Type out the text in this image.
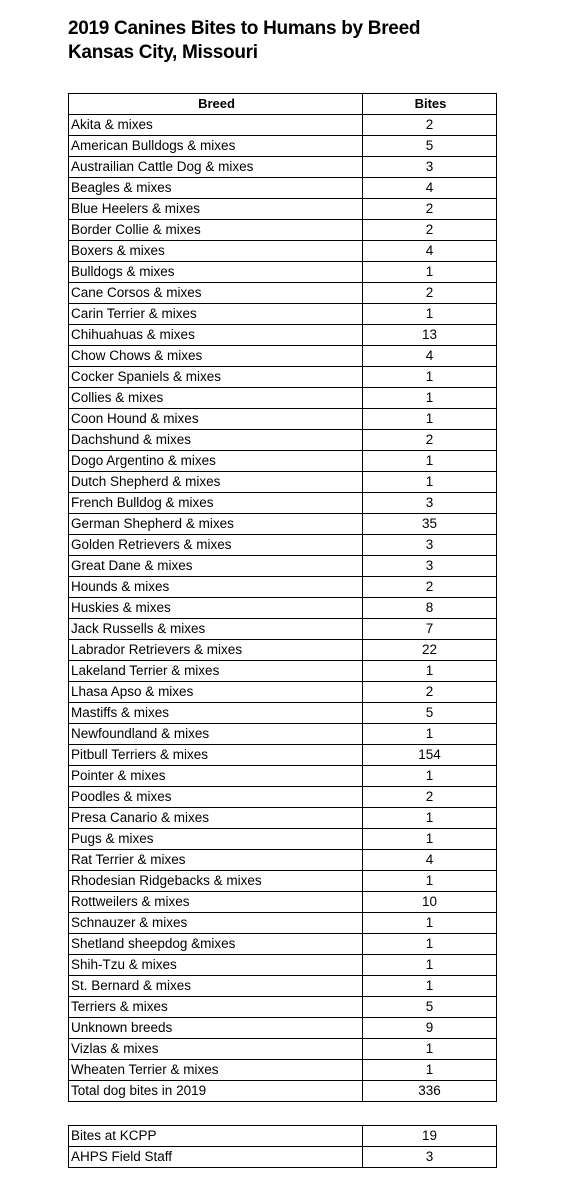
2019 Canines Bites to Humans by Breed
Kansas City, Missouri
Breed	Bites
Akita & mixes	2
American Bulldogs & mixes	5
Austrailian Cattle Dog & mixes	3
Beagles & mixes	4
Blue Heelers & mixes	2
Border Collie & mixes	2
Boxers & mixes	4
Bulldogs & mixes	1
Cane Corsos & mixes	2
Carin Terrier & mixes	1
Chihuahuas & mixes	13
Chow Chows & mixes	4
Cocker Spaniels & mixes	1
Collies & mixes	1
Coon Hound & mixes	1
Dachshund & mixes	2
Dogo Argentino & mixes	1
Dutch Shepherd & mixes	1
French Bulldog & mixes	3
German Shepherd & mixes	35
Golden Retrievers & mixes	3
Great Dane & mixes	3
Hounds & mixes	2
Huskies & mixes	8
Jack Russells & mixes	7
Labrador Retrievers & mixes	22
Lakeland Terrier & mixes	1
Lhasa Apso & mixes	2
Mastiffs & mixes	5
Newfoundland & mixes	1
Pitbull Terriers & mixes	154
Pointer & mixes	1
Poodles & mixes	2
Presa Canario & mixes	1
Pugs & mixes	1
Rat Terrier & mixes	4
Rhodesian Ridgebacks & mixes	1
Rottweilers & mixes	10
Schnauzer & mixes	1
Shetland sheepdog &mixes	1
Shih-Tzu & mixes	1
St. Bernard & mixes	1
Terriers & mixes	5
Unknown breeds	9
Vizlas & mixes	1
Wheaten Terrier & mixes	1
Total dog bites in 2019	336
Bites at KCPP	19
AHPS Field Staff	3
